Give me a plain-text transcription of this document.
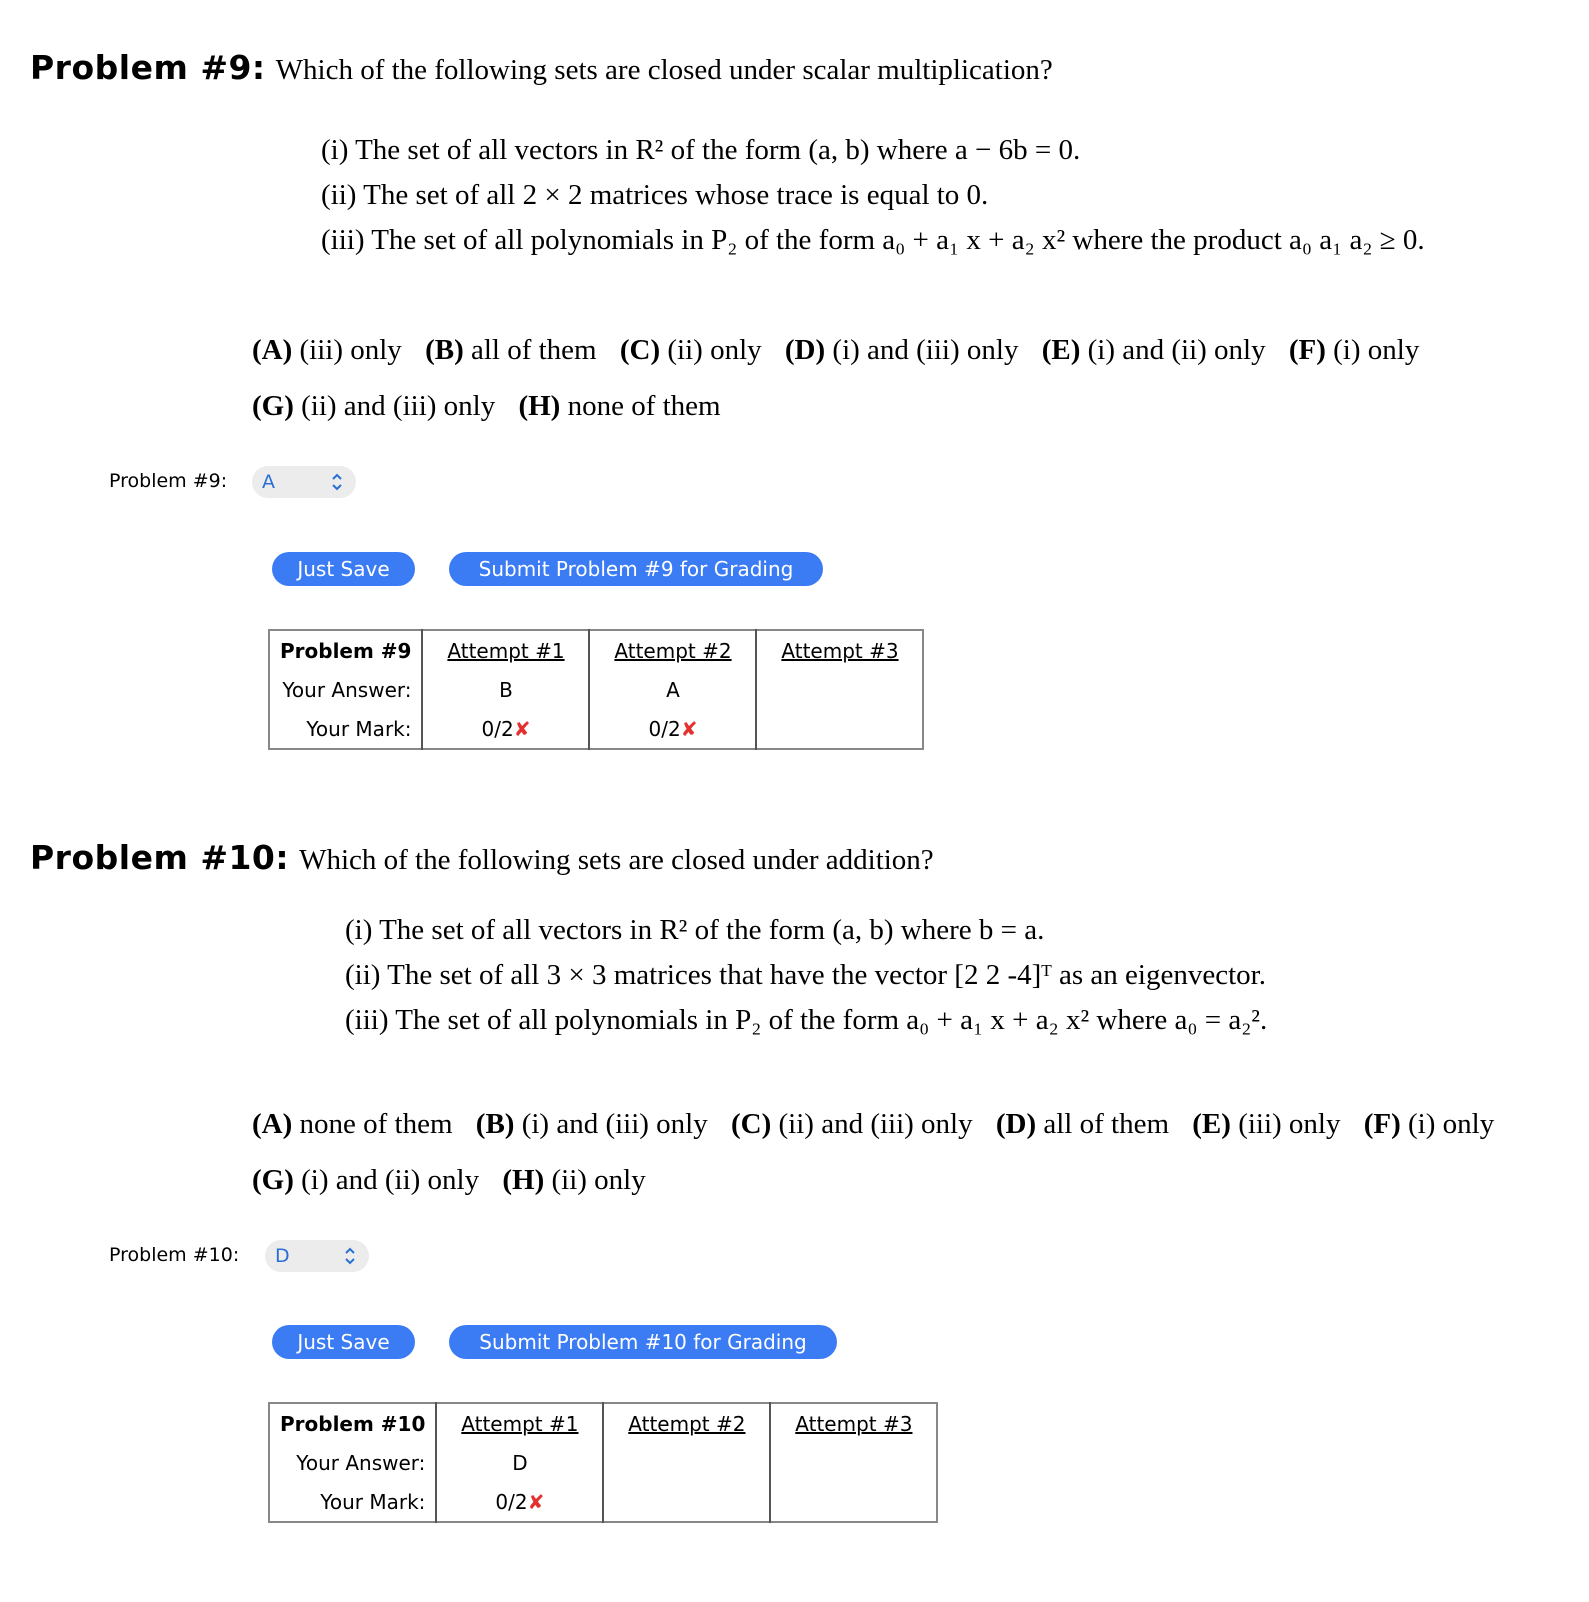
Problem #9: Which of the following sets are closed under scalar multiplication?
(i) The set of all vectors in R² of the form (a, b) where a − 6b = 0.
(ii) The set of all 2 × 2 matrices whose trace is equal to 0.
(iii) The set of all polynomials in P₂ of the form a₀ + a₁ x + a₂ x² where the product a₀ a₁ a₂ ≥ 0.
(A) (iii) only (B) all of them (C) (ii) only (D) (i) and (iii) only (E) (i) and (ii) only (F) (i) only
(G) (ii) and (iii) only (H) none of them
Problem #9:	A
Just Save	Submit Problem #9 for Grading
Problem #9	Attempt #1	Attempt #2	Attempt #3
Your Answer:	B	A	
Your Mark:	0/2✘	0/2✘	
Problem #10: Which of the following sets are closed under addition?
(i) The set of all vectors in R² of the form (a, b) where b = a.
(ii) The set of all 3 × 3 matrices that have the vector [2 2 -4]ᵀ as an eigenvector.
(iii) The set of all polynomials in P₂ of the form a₀ + a₁ x + a₂ x² where a₀ = a₂².
(A) none of them (B) (i) and (iii) only (C) (ii) and (iii) only (D) all of them (E) (iii) only (F) (i) only
(G) (i) and (ii) only (H) (ii) only
Problem #10:	D
Just Save	Submit Problem #10 for Grading
Problem #10	Attempt #1	Attempt #2	Attempt #3
Your Answer:	D		
Your Mark:	0/2✘		
